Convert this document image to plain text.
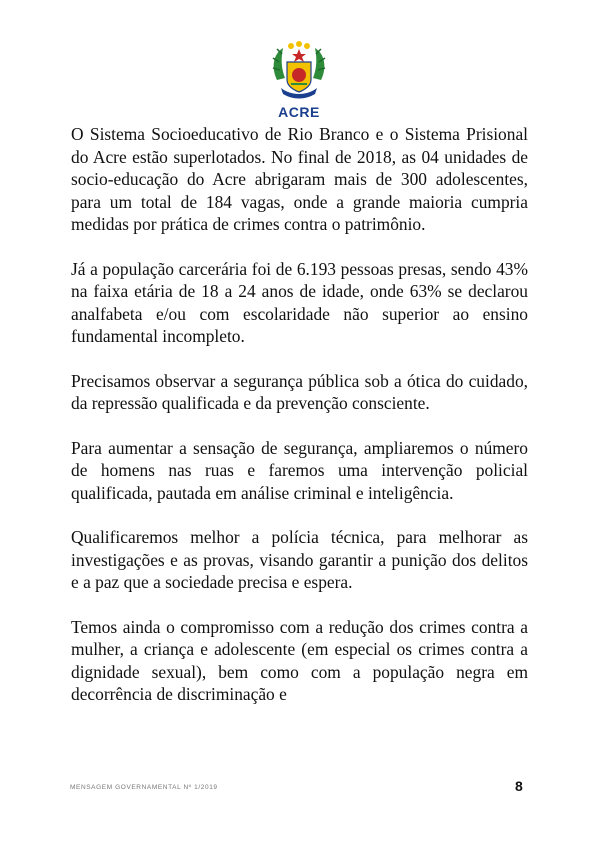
ACRE

O Sistema Socioeducativo de Rio Branco e o Sistema Prisional do Acre estão superlotados. No final de 2018, as 04 unidades de socio-educação do Acre abrigaram mais de 300 adolescentes, para um total de 184 vagas, onde a grande maioria cumpria medidas por prática de crimes contra o patrimônio.

Já a população carcerária foi de 6.193 pessoas presas, sendo 43% na faixa etária de 18 a 24 anos de idade, onde 63% se declarou analfabeta e/ou com escolaridade não superior ao ensino fundamental incompleto.

Precisamos observar a segurança pública sob a ótica do cuidado, da repressão qualificada e da prevenção consciente.

Para aumentar a sensação de segurança, ampliaremos o número de homens nas ruas e faremos uma intervenção policial qualificada, pautada em análise criminal e inteligência.

Qualificaremos melhor a polícia técnica, para melhorar as investigações e as provas, visando garantir a punição dos delitos e a paz que a sociedade precisa e espera.

Temos ainda o compromisso com a redução dos crimes contra a mulher, a criança e adolescente (em especial os crimes contra a dignidade sexual), bem como com a população negra em decorrência de discriminação e

MENSAGEM GOVERNAMENTAL Nº 1/2019	8
